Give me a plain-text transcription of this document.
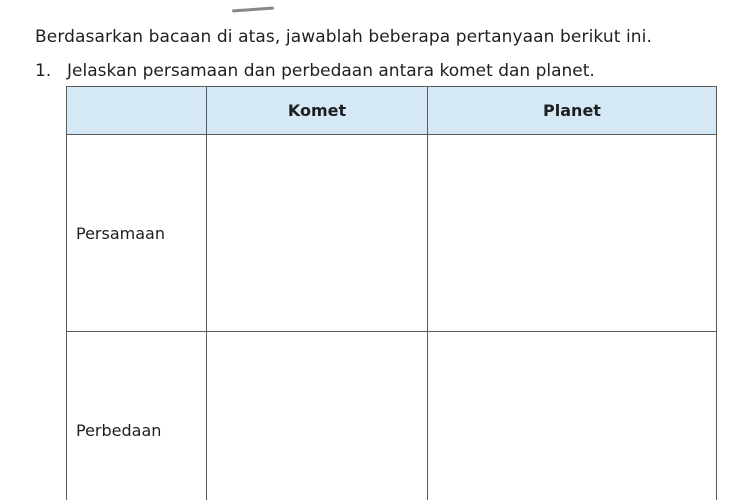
Berdasarkan bacaan di atas, jawablah beberapa pertanyaan berikut ini.
1. Jelaskan persamaan dan perbedaan antara komet dan planet.
	Komet	Planet
Persamaan		
Perbedaan		
